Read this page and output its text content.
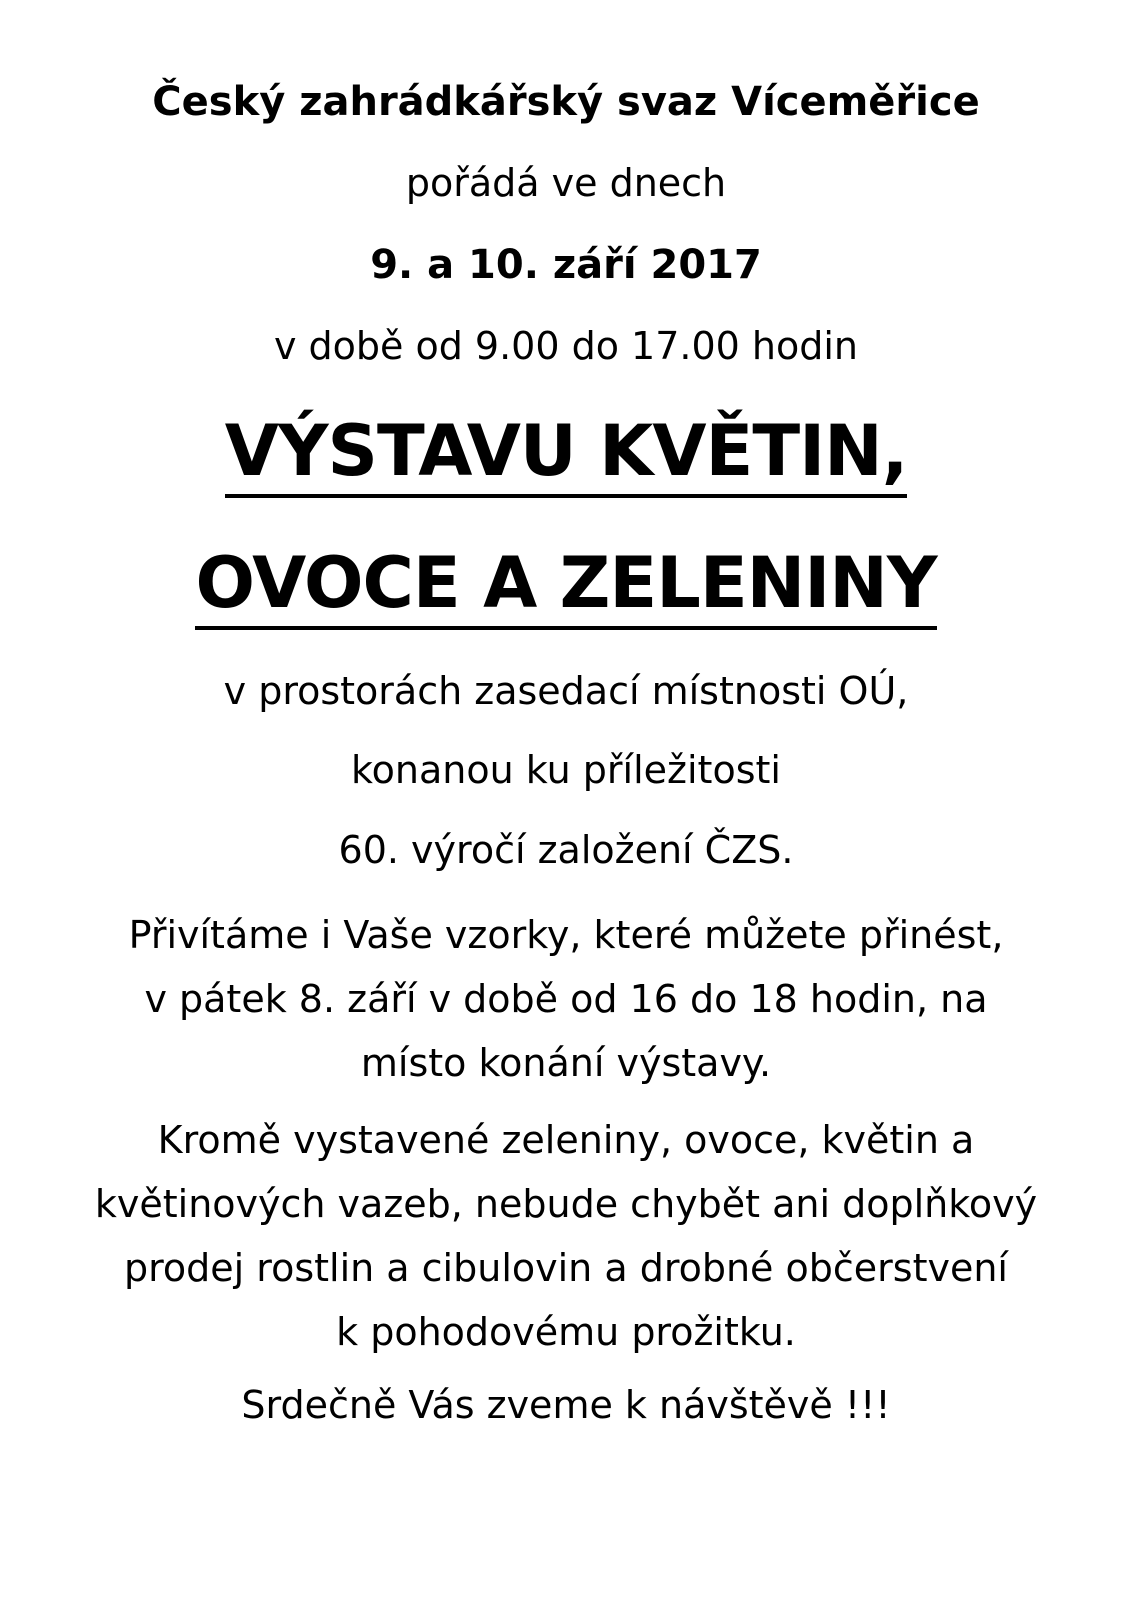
Český zahrádkářský svaz Víceměřice
pořádá ve dnech
9. a 10. září 2017
v době od 9.00 do 17.00 hodin
VÝSTAVU KVĚTIN,
OVOCE A ZELENINY
v prostorách zasedací místnosti OÚ,
konanou ku příležitosti
60. výročí založení ČZS.
Přivítáme i Vaše vzorky, které můžete přinést,
v pátek 8. září v době od 16 do 18 hodin, na
místo konání výstavy.
Kromě vystavené zeleniny, ovoce, květin a
květinových vazeb, nebude chybět ani doplňkový
prodej rostlin a cibulovin a drobné občerstvení
k pohodovému prožitku.
Srdečně Vás zveme k návštěvě !!!
